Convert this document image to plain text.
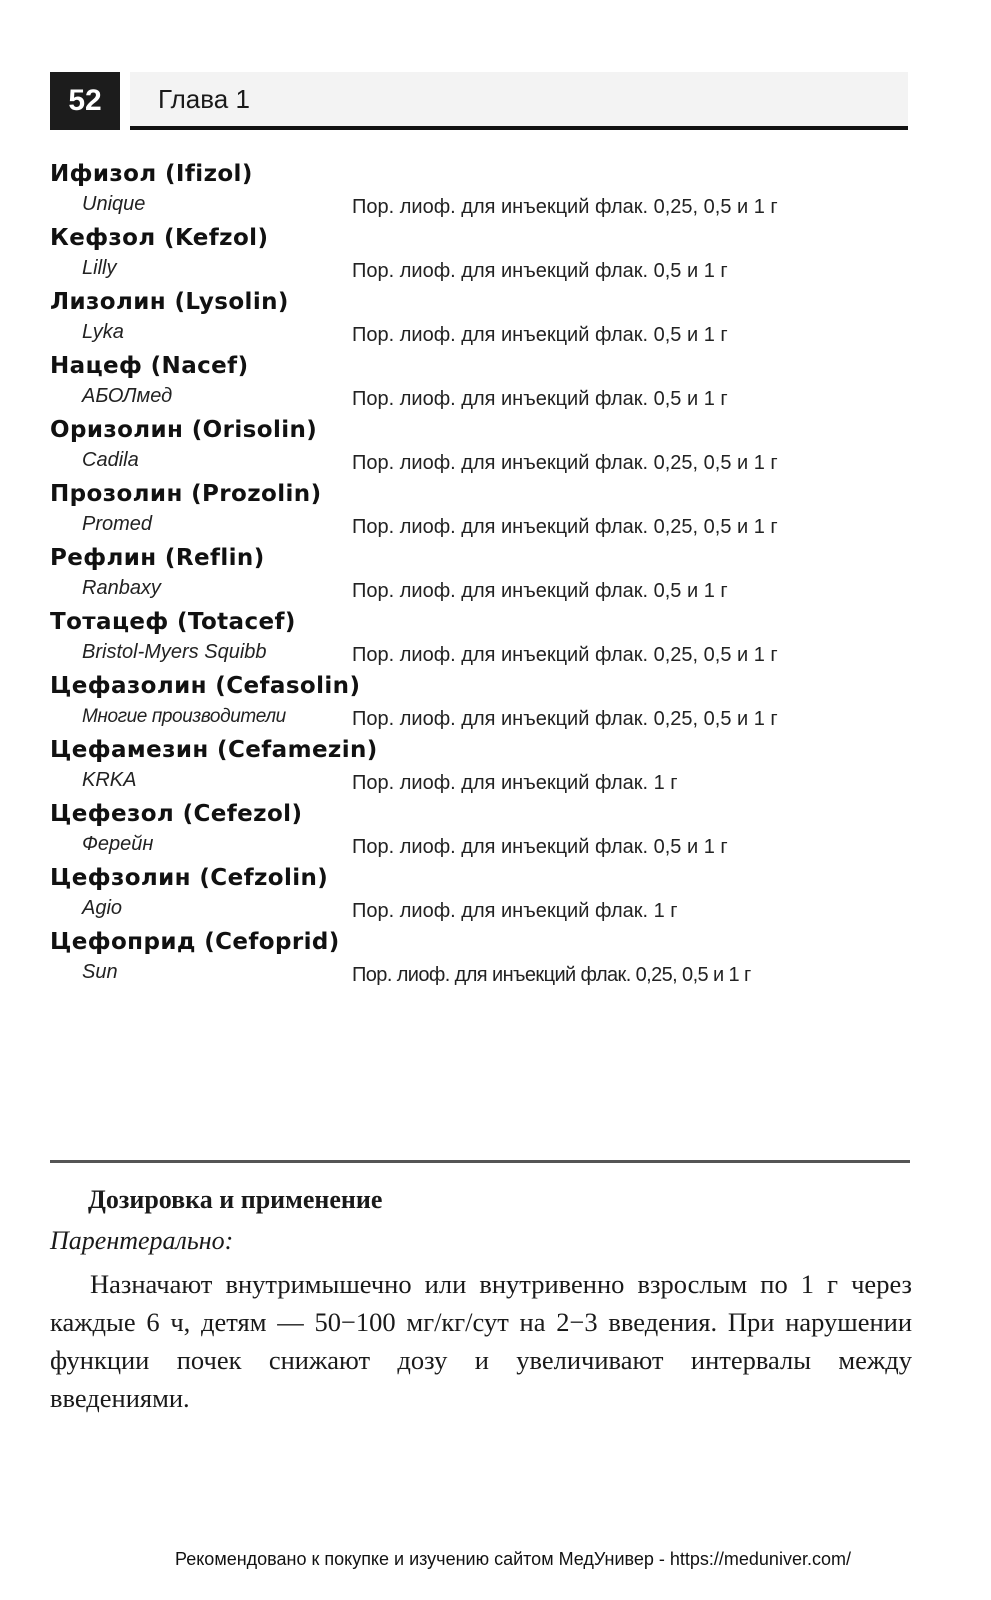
52	Глава 1
Ифизол (Ifizol)
Unique	Пор. лиоф. для инъекций флак. 0,25, 0,5 и 1 г
Кефзол (Kefzol)
Lilly	Пор. лиоф. для инъекций флак. 0,5 и 1 г
Лизолин (Lysolin)
Lyka	Пор. лиоф. для инъекций флак. 0,5 и 1 г
Нацеф (Nacef)
АБОЛмед	Пор. лиоф. для инъекций флак. 0,5 и 1 г
Оризолин (Orisolin)
Cadila	Пор. лиоф. для инъекций флак. 0,25, 0,5 и 1 г
Прозолин (Prozolin)
Promed	Пор. лиоф. для инъекций флак. 0,25, 0,5 и 1 г
Рефлин (Reflin)
Ranbaxy	Пор. лиоф. для инъекций флак. 0,5 и 1 г
Тотацеф (Totacef)
Bristol-Myers Squibb	Пор. лиоф. для инъекций флак. 0,25, 0,5 и 1 г
Цефазолин (Cefasolin)
Многие производители	Пор. лиоф. для инъекций флак. 0,25, 0,5 и 1 г
Цефамезин (Cefamezin)
KRKA	Пор. лиоф. для инъекций флак. 1 г
Цефезол (Cefezol)
Ферейн	Пор. лиоф. для инъекций флак. 0,5 и 1 г
Цефзолин (Cefzolin)
Agio	Пор. лиоф. для инъекций флак. 1 г
Цефоприд (Cefoprid)
Sun	Пор. лиоф. для инъекций флак. 0,25, 0,5 и 1 г
Дозировка и применение
Парентерально:
Назначают внутримышечно или внутривенно взрослым по 1 г через каждые 6 ч, детям — 50−100 мг/кг/сут на 2−3 введения. При нарушении функции почек снижают дозу и увеличивают интервалы между введениями.
Рекомендовано к покупке и изучению сайтом МедУнивер - https://meduniver.com/
